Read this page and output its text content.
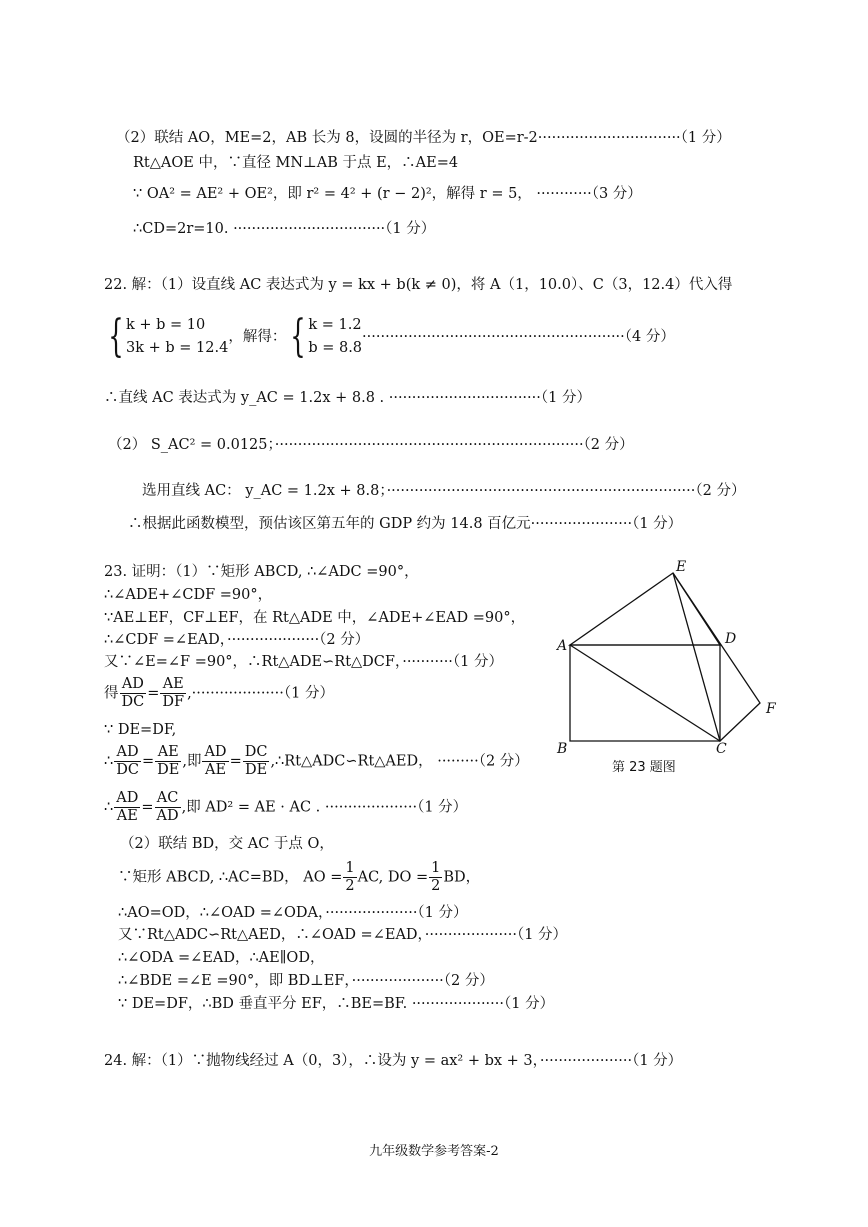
（2）联结 AO，ME=2，AB 长为 8，设圆的半径为 r，OE=r-2·······························（1 分）
Rt△AOE 中，∵直径 MN⊥AB 于点 E，∴AE=4
∵ OA² = AE² + OE²，即 r² = 4² + (r − 2)²，解得 r = 5， ············（3 分）
∴CD=2r=10. ·································（1 分）
22. 解：（1）设直线 AC 表达式为 y = kx + b(k ≠ 0)，将 A（1，10.0）、C（3，12.4）代入得
{ k + b = 10
3k + b = 12.4
，解得：{ k = 1.2
b = 8.8
·························································（4 分）
∴直线 AC 表达式为 y_AC = 1.2x + 8.8 . ·································（1 分）
（2） S_AC² = 0.0125；···································································（2 分）
选用直线 AC： y_AC = 1.2x + 8.8；···································································（2 分）
∴根据此函数模型，预估该区第五年的 GDP 约为 14.8 百亿元······················（1 分）
23. 证明：（1）∵矩形 ABCD, ∴∠ADC =90°，
∴∠ADE+∠CDF =90°，
∵AE⊥EF，CF⊥EF，在 Rt△ADE 中，∠ADE+∠EAD =90°，
∴∠CDF =∠EAD，····················（2 分）
又∵∠E=∠F =90°，∴Rt△ADE∽Rt△DCF，···········（1 分）
得 $\frac{AD}{DC} = \frac{AE}{DF} ,\cdot\cdot\cdot\cdot\cdot\cdot\cdot\cdot\cdot\cdot\cdot\cdot\cdot\cdot\cdot\cdot\cdot\cdot\cdot\cdot(1$ 分）
∵ DE=DF,
∴ $\frac{AD}{DC} = \frac{AE}{DE}$ ,即 $\frac{AD}{AE} = \frac{DC}{DE}$ ,∴Rt△ADC∽Rt△AED， ·········（2 分）
∴ $\frac{AD}{AE} = \frac{AC}{AD}$ ,即 AD² = AE · AC . ····················（1 分）
（2）联结 BD，交 AC 于点 O，
∵矩形 ABCD, ∴AC=BD， AO = $\frac{1}{2}$ AC, DO = $\frac{1}{2}$ BD，
∴AO=OD，∴∠OAD =∠ODA，····················（1 分）
又∵Rt△ADC∽Rt△AED，∴∠OAD =∠EAD，····················（1 分）
∴∠ODA =∠EAD，∴AE∥OD，
∴∠BDE =∠E =90°，即 BD⊥EF，····················（2 分）
∵ DE=DF，∴BD 垂直平分 EF，∴BE=BF. ····················（1 分）
24. 解：（1）∵抛物线经过 A（0，3），∴设为 y = ax² + bx + 3，····················（1 分）
A
B	C
D
E
F
第 23 题图
九年级数学参考答案-2
